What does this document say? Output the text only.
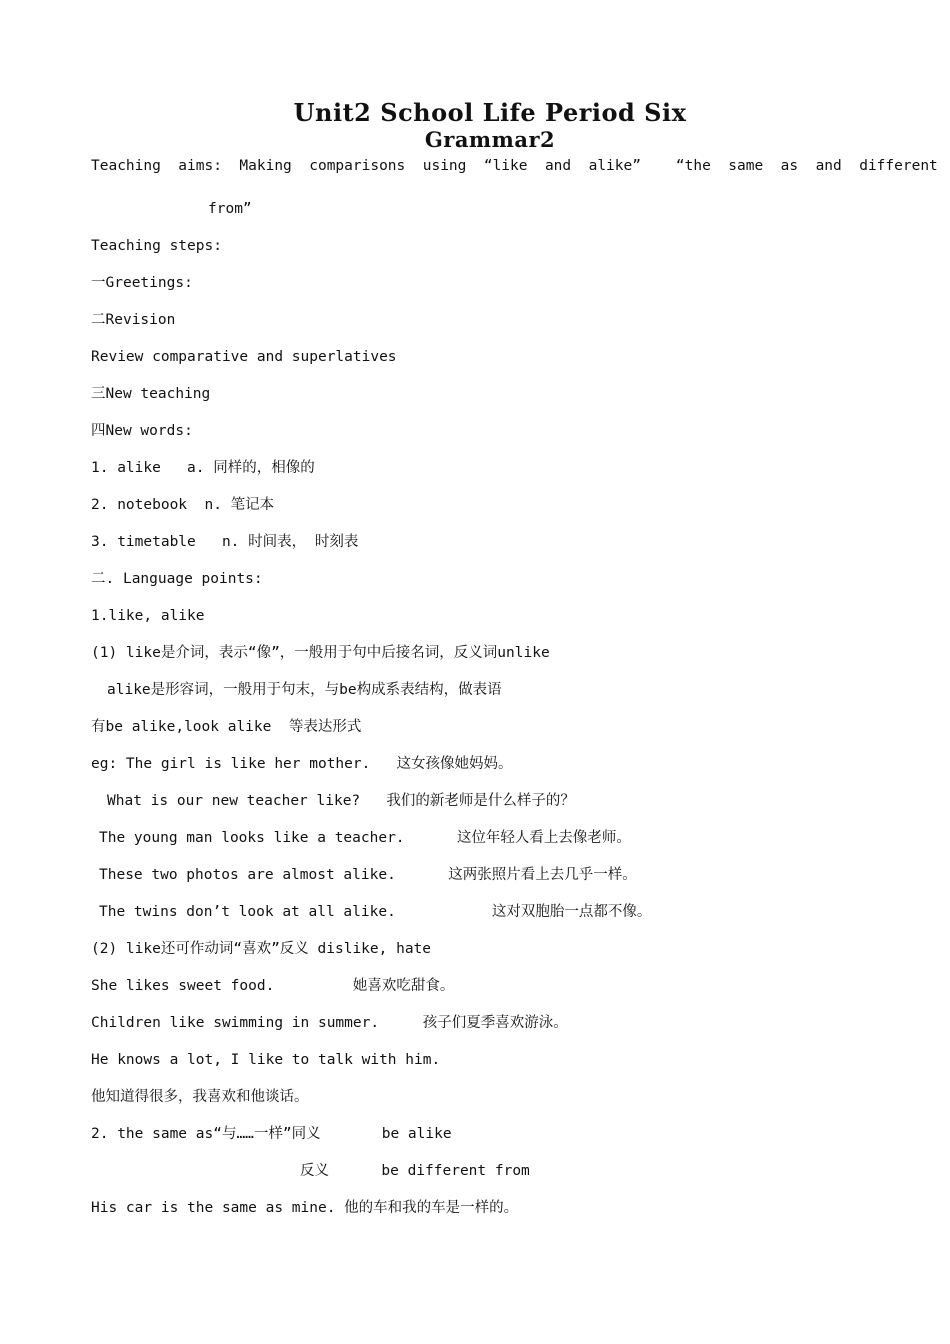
Unit2 School Life Period Six
Grammar2
Teaching  aims:  Making  comparisons  using  “like  and  alike”    “the  same  as  and  different
from”
Teaching steps:
一Greetings:
二Revision
Review comparative and superlatives
三New teaching
四New words:
1. alike   a. 同样的，相像的
2. notebook  n. 笔记本
3. timetable   n. 时间表， 时刻表
二. Language points:
1.like, alike
(1) like是介词，表示“像”，一般用于句中后接名词，反义词unlike
alike是形容词，一般用于句末，与be构成系表结构，做表语
有be alike,look alike  等表达形式
eg: The girl is like her mother.   这女孩像她妈妈。
What is our new teacher like?   我们的新老师是什么样子的？
The young man looks like a teacher.      这位年轻人看上去像老师。
These two photos are almost alike.      这两张照片看上去几乎一样。
The twins don’t look at all alike.           这对双胞胎一点都不像。
(2) like还可作动词“喜欢”反义 dislike, hate
She likes sweet food.         她喜欢吃甜食。
Children like swimming in summer.     孩子们夏季喜欢游泳。
He knows a lot, I like to talk with him.
他知道得很多，我喜欢和他谈话。
2. the same as“与……一样”同义       be alike
反义      be different from
His car is the same as mine. 他的车和我的车是一样的。
